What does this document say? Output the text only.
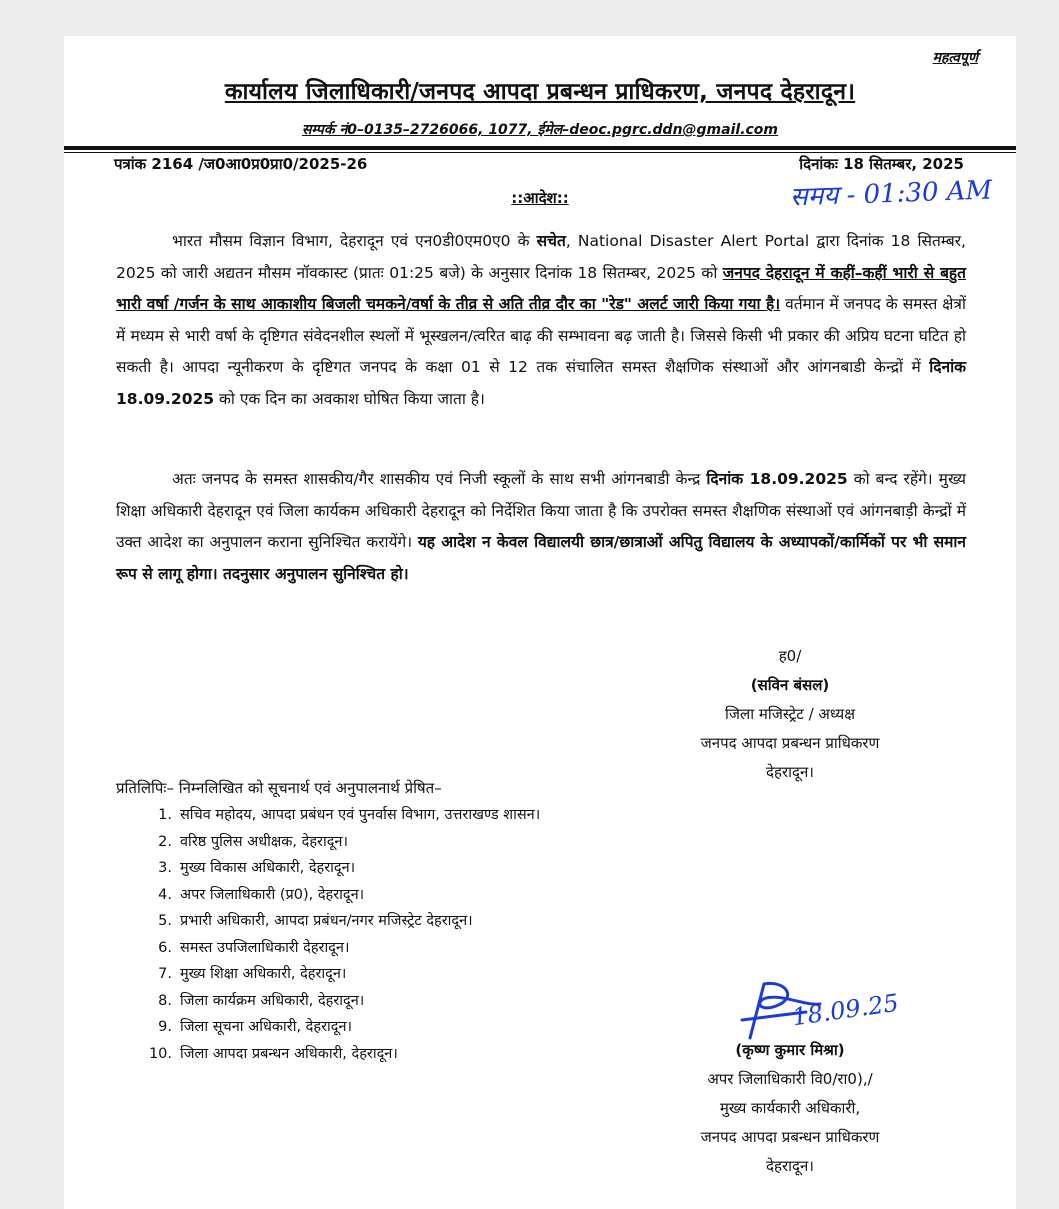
महत्वपूर्ण
कार्यालय जिलाधिकारी/जनपद आपदा प्रबन्धन प्राधिकरण, जनपद देहरादून।
सम्पर्क नं0–0135–2726066, 1077, ईमेल–deoc.pgrc.ddn@gmail.com
पत्रांक 2164 /ज0आ0प्र0प्रा0/2025-26	दिनांकः 18 सितम्बर, 2025
समय - 01:30 AM
::आदेश::
भारत मौसम विज्ञान विभाग, देहरादून एवं एन0डी0एम0ए0 के सचेत, National Disaster Alert Portal द्वारा दिनांक 18 सितम्बर, 2025 को जारी अद्यतन मौसम नॉवकास्ट (प्रातः 01:25 बजे) के अनुसार दिनांक 18 सितम्बर, 2025 को जनपद देहरादून में कहीं–कहीं भारी से बहुत भारी वर्षा /गर्जन के साथ आकाशीय बिजली चमकने/वर्षा के तीव्र से अति तीव्र दौर का "रेड" अलर्ट जारी किया गया है। वर्तमान में जनपद के समस्त क्षेत्रों में मध्यम से भारी वर्षा के दृष्टिगत संवेदनशील स्थलों में भूस्खलन/त्वरित बाढ़ की सम्भावना बढ़ जाती है। जिससे किसी भी प्रकार की अप्रिय घटना घटित हो सकती है। आपदा न्यूनीकरण के दृष्टिगत जनपद के कक्षा 01 से 12 तक संचालित समस्त शैक्षणिक संस्थाओं और आंगनबाडी केन्द्रों में दिनांक 18.09.2025 को एक दिन का अवकाश घोषित किया जाता है।
अतः जनपद के समस्त शासकीय/गैर शासकीय एवं निजी स्कूलों के साथ सभी आंगनबाडी केन्द्र दिनांक 18.09.2025 को बन्द रहेंगे। मुख्य शिक्षा अधिकारी देहरादून एवं जिला कार्यकम अधिकारी देहरादून को निर्देशित किया जाता है कि उपरोक्त समस्त शैक्षणिक संस्थाओं एवं आंगनबाड़ी केन्द्रों में उक्त आदेश का अनुपालन कराना सुनिश्चित करायेंगे। यह आदेश न केवल विद्यालयी छात्र/छात्राओं अपितु विद्यालय के अध्यापकों/कार्मिकों पर भी समान रूप से लागू होगा। तदनुसार अनुपालन सुनिश्चित हो।
ह0/
(सविन बंसल)
जिला मजिस्ट्रेट / अध्यक्ष
जनपद आपदा प्रबन्धन प्राधिकरण
देहरादून।
प्रतिलिपिः– निम्नलिखित को सूचनार्थ एवं अनुपालनार्थ प्रेषित–
1. सचिव महोदय, आपदा प्रबंधन एवं पुनर्वास विभाग, उत्तराखण्ड शासन।
2. वरिष्ठ पुलिस अधीक्षक, देहरादून।
3. मुख्य विकास अधिकारी, देहरादून।
4. अपर जिलाधिकारी (प्र0), देहरादून।
5. प्रभारी अधिकारी, आपदा प्रबंधन/नगर मजिस्ट्रेट देहरादून।
6. समस्त उपजिलाधिकारी देहरादून।
7. मुख्य शिक्षा अधिकारी, देहरादून।
8. जिला कार्यक्रम अधिकारी, देहरादून।
9. जिला सूचना अधिकारी, देहरादून।
10. जिला आपदा प्रबन्धन अधिकारी, देहरादून।
18.09.25
(कृष्ण कुमार मिश्रा)
अपर जिलाधिकारी वि0/रा0),/
मुख्य कार्यकारी अधिकारी,
जनपद आपदा प्रबन्धन प्राधिकरण
देहरादून।
